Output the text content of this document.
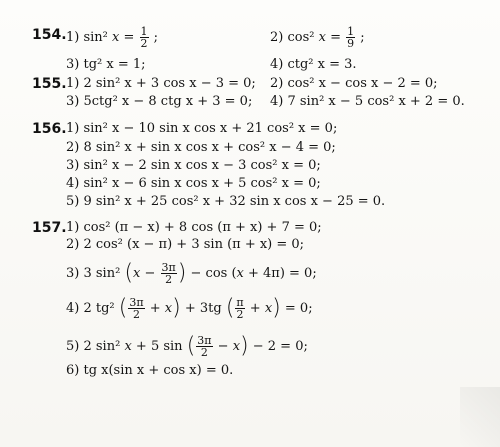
154. 1) sin² $x = \frac{1}{2}$ ;	2) cos² $x = \frac{1}{9}$ ;
3) tg² x = 1;	4) ctg² x = 3.
155. 1) 2 sin² x + 3 cos x − 3 = 0; 2) cos² x − cos x − 2 = 0;
3) 5ctg² x − 8 ctg x + 3 = 0; 4) 7 sin² x − 5 cos² x + 2 = 0.
156. 1) sin² x − 10 sin x cos x + 21 cos² x = 0;
2) 8 sin² x + sin x cos x + cos² x − 4 = 0;
3) sin² x − 2 sin x cos x − 3 cos² x = 0;
4) sin² x − 6 sin x cos x + 5 cos² x = 0;
5) 9 sin² x + 25 cos² x + 32 sin x cos x − 25 = 0.
157. 1) cos² (π − x) + 8 cos (π + x) + 7 = 0;
2) 2 cos² (x − π) + 3 sin (π + x) = 0;
3) 3 sin² ($x - \frac{3\pi}{2}$ ) − cos (x + 4π) = 0;
4) 2 tg² ( $\frac{3\pi}{2} + x) + 3tg$ ( $\frac{\pi}{2} + x) = 0$;
5) 2 sin² x + 5 sin ( $\frac{3\pi}{2} - x) - 2 = 0$;
6) tg x(sin x + cos x) = 0.
